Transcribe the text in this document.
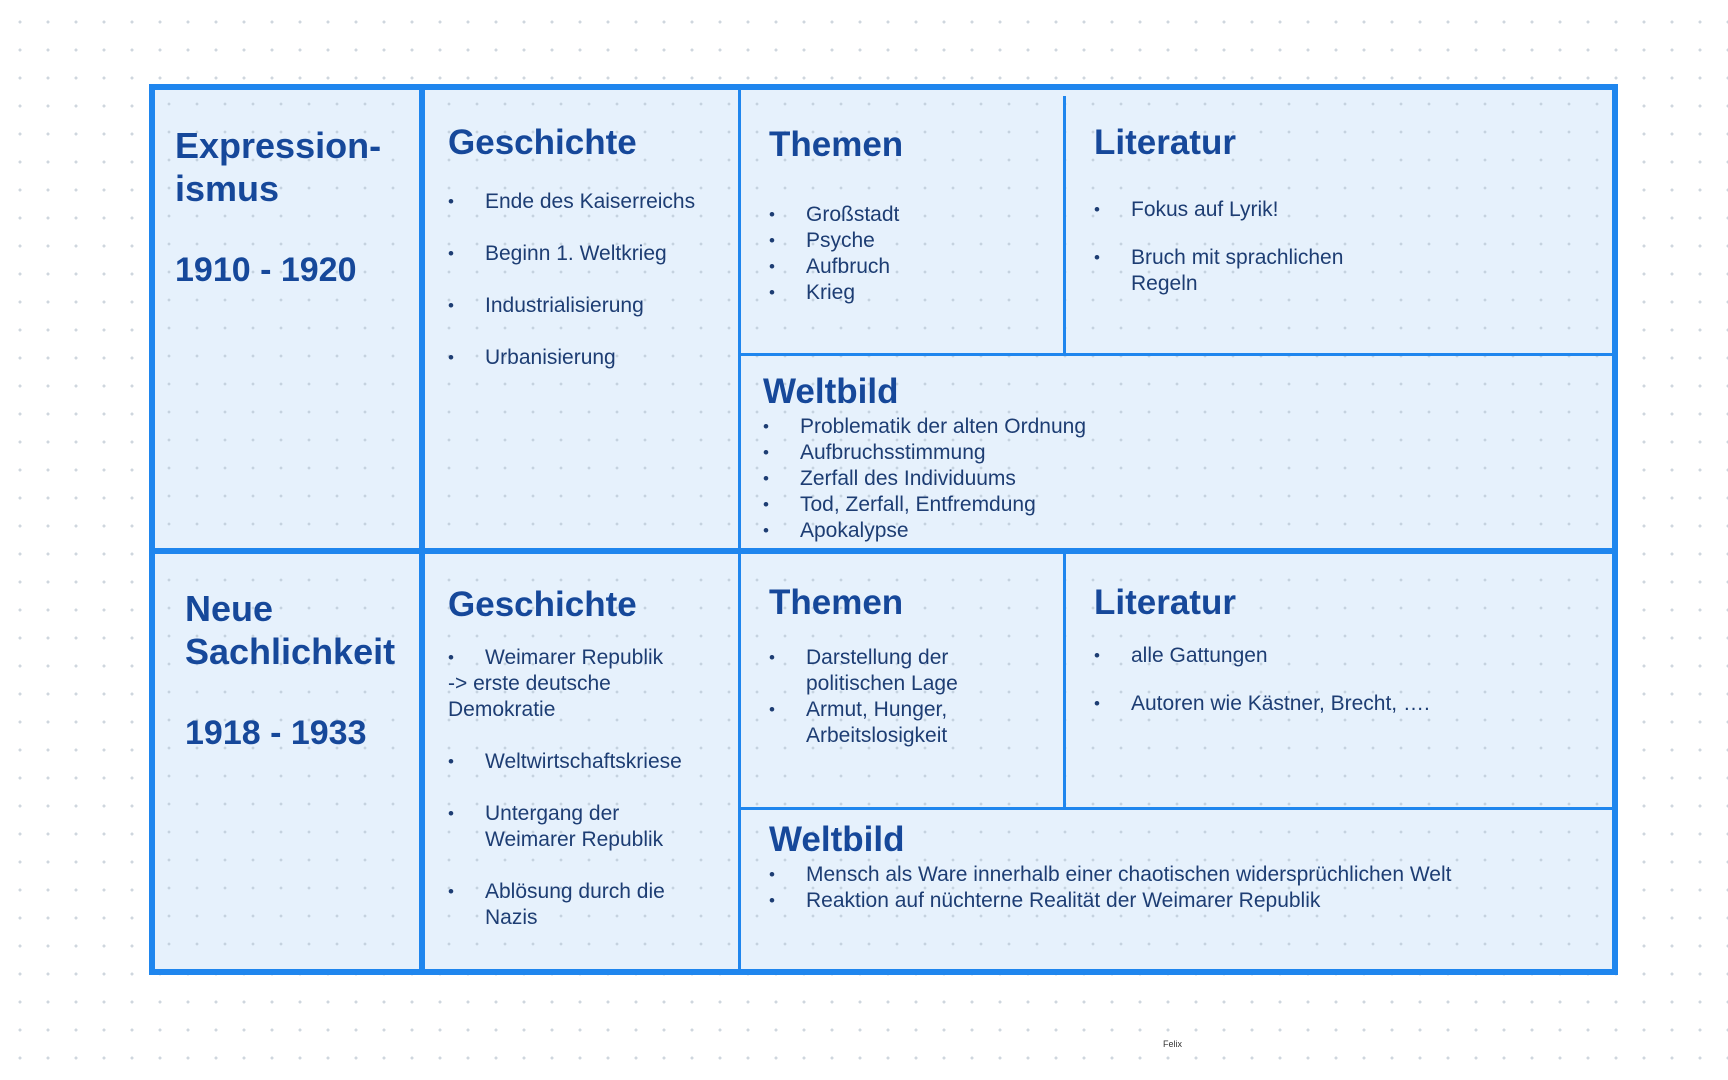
Expression-
ismus
1910 - 1920
Geschichte
• Ende des Kaiserreichs
• Beginn 1. Weltkrieg
• Industrialisierung
• Urbanisierung
Themen
• Großstadt
• Psyche
• Aufbruch
• Krieg
Literatur
• Fokus auf Lyrik!
• Bruch mit sprachlichen Regeln
Weltbild
• Problematik der alten Ordnung
• Aufbruchsstimmung
• Zerfall des Individuums
• Tod, Zerfall, Entfremdung
• Apokalypse
Neue
Sachlichkeit
1918 - 1933
Geschichte
• Weimarer Republik
-> erste deutsche Demokratie
• Weltwirtschaftskriese
• Untergang der Weimarer Republik
• Ablösung durch die Nazis
Themen
• Darstellung der politischen Lage
• Armut, Hunger, Arbeitslosigkeit
Literatur
• alle Gattungen
• Autoren wie Kästner, Brecht, ….
Weltbild
• Mensch als Ware innerhalb einer chaotischen widersprüchlichen Welt
• Reaktion auf nüchterne Realität der Weimarer Republik
Felix
